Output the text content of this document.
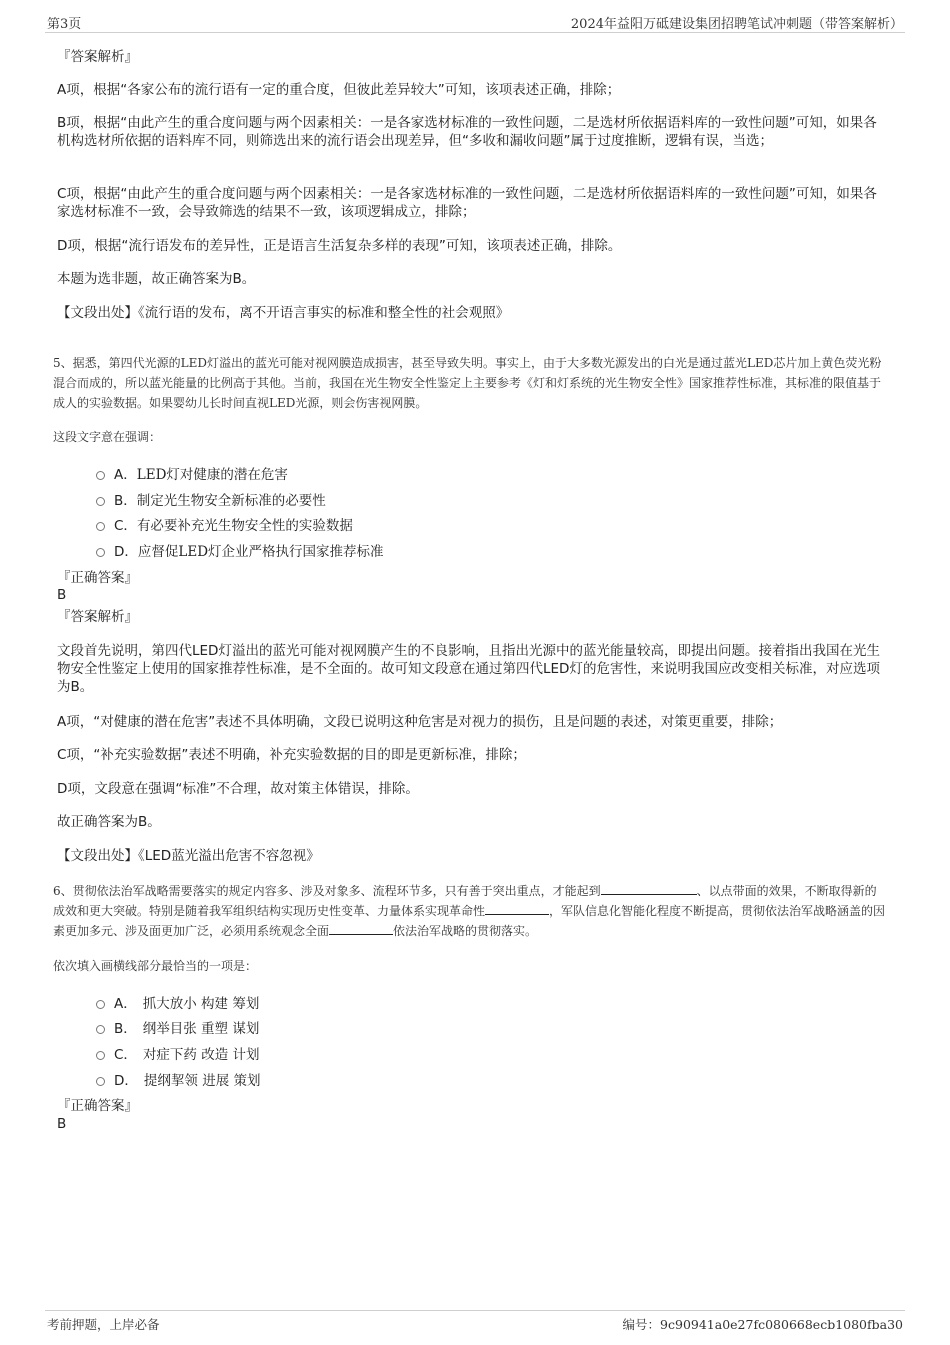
第3页	2024年益阳万砥建设集团招聘笔试冲刺题（带答案解析）
『答案解析』
A项，根据“各家公布的流行语有一定的重合度，但彼此差异较大”可知，该项表述正确，排除；
B项，根据“由此产生的重合度问题与两个因素相关：一是各家选材标准的一致性问题，二是选材所依据语料库的一致性问题”可知，如果各机构选材所依据的语料库不同，则筛选出来的流行语会出现差异，但“多收和漏收问题”属于过度推断，逻辑有误，当选；
C项，根据“由此产生的重合度问题与两个因素相关：一是各家选材标准的一致性问题，二是选材所依据语料库的一致性问题”可知，如果各家选材标准不一致，会导致筛选的结果不一致，该项逻辑成立，排除；
D项，根据“流行语发布的差异性，正是语言生活复杂多样的表现”可知，该项表述正确，排除。
本题为选非题，故正确答案为B。
【文段出处】《流行语的发布，离不开语言事实的标准和整全性的社会观照》
5、据悉，第四代光源的LED灯溢出的蓝光可能对视网膜造成损害，甚至导致失明。事实上，由于大多数光源发出的白光是通过蓝光LED芯片加上黄色荧光粉混合而成的，所以蓝光能量的比例高于其他。当前，我国在光生物安全性鉴定上主要参考《灯和灯系统的光生物安全性》国家推荐性标准，其标准的限值基于成人的实验数据。如果婴幼儿长时间直视LED光源，则会伤害视网膜。
这段文字意在强调：
A． LED灯对健康的潜在危害
B． 制定光生物安全新标准的必要性
C． 有必要补充光生物安全性的实验数据
D． 应督促LED灯企业严格执行国家推荐标准
『正确答案』
B
『答案解析』
文段首先说明，第四代LED灯溢出的蓝光可能对视网膜产生的不良影响，且指出光源中的蓝光能量较高，即提出问题。接着指出我国在光生物安全性鉴定上使用的国家推荐性标准，是不全面的。故可知文段意在通过第四代LED灯的危害性，来说明我国应改变相关标准，对应选项为B。
A项，“对健康的潜在危害”表述不具体明确，文段已说明这种危害是对视力的损伤，且是问题的表述，对策更重要，排除；
C项，“补充实验数据”表述不明确，补充实验数据的目的即是更新标准，排除；
D项，文段意在强调“标准”不合理，故对策主体错误，排除。
故正确答案为B。
【文段出处】《LED蓝光溢出危害不容忽视》
6、贯彻依法治军战略需要落实的规定内容多、涉及对象多、流程环节多，只有善于突出重点，才能起到	、以点带面的效果，不断取得新的成效和更大突破。特别是随着我军组织结构实现历史性变革、力量体系实现革命性	，军队信息化智能化程度不断提高，贯彻依法治军战略涵盖的因素更加多元、涉及面更加广泛，必须用系统观念全面	依法治军战略的贯彻落实。
依次填入画横线部分最恰当的一项是：
A． 抓大放小 构建 筹划
B． 纲举目张 重塑 谋划
C． 对症下药 改造 计划
D． 提纲挈领 进展 策划
『正确答案』
B
考前押题，上岸必备	编号：9c90941a0e27fc080668ecb1080fba30
